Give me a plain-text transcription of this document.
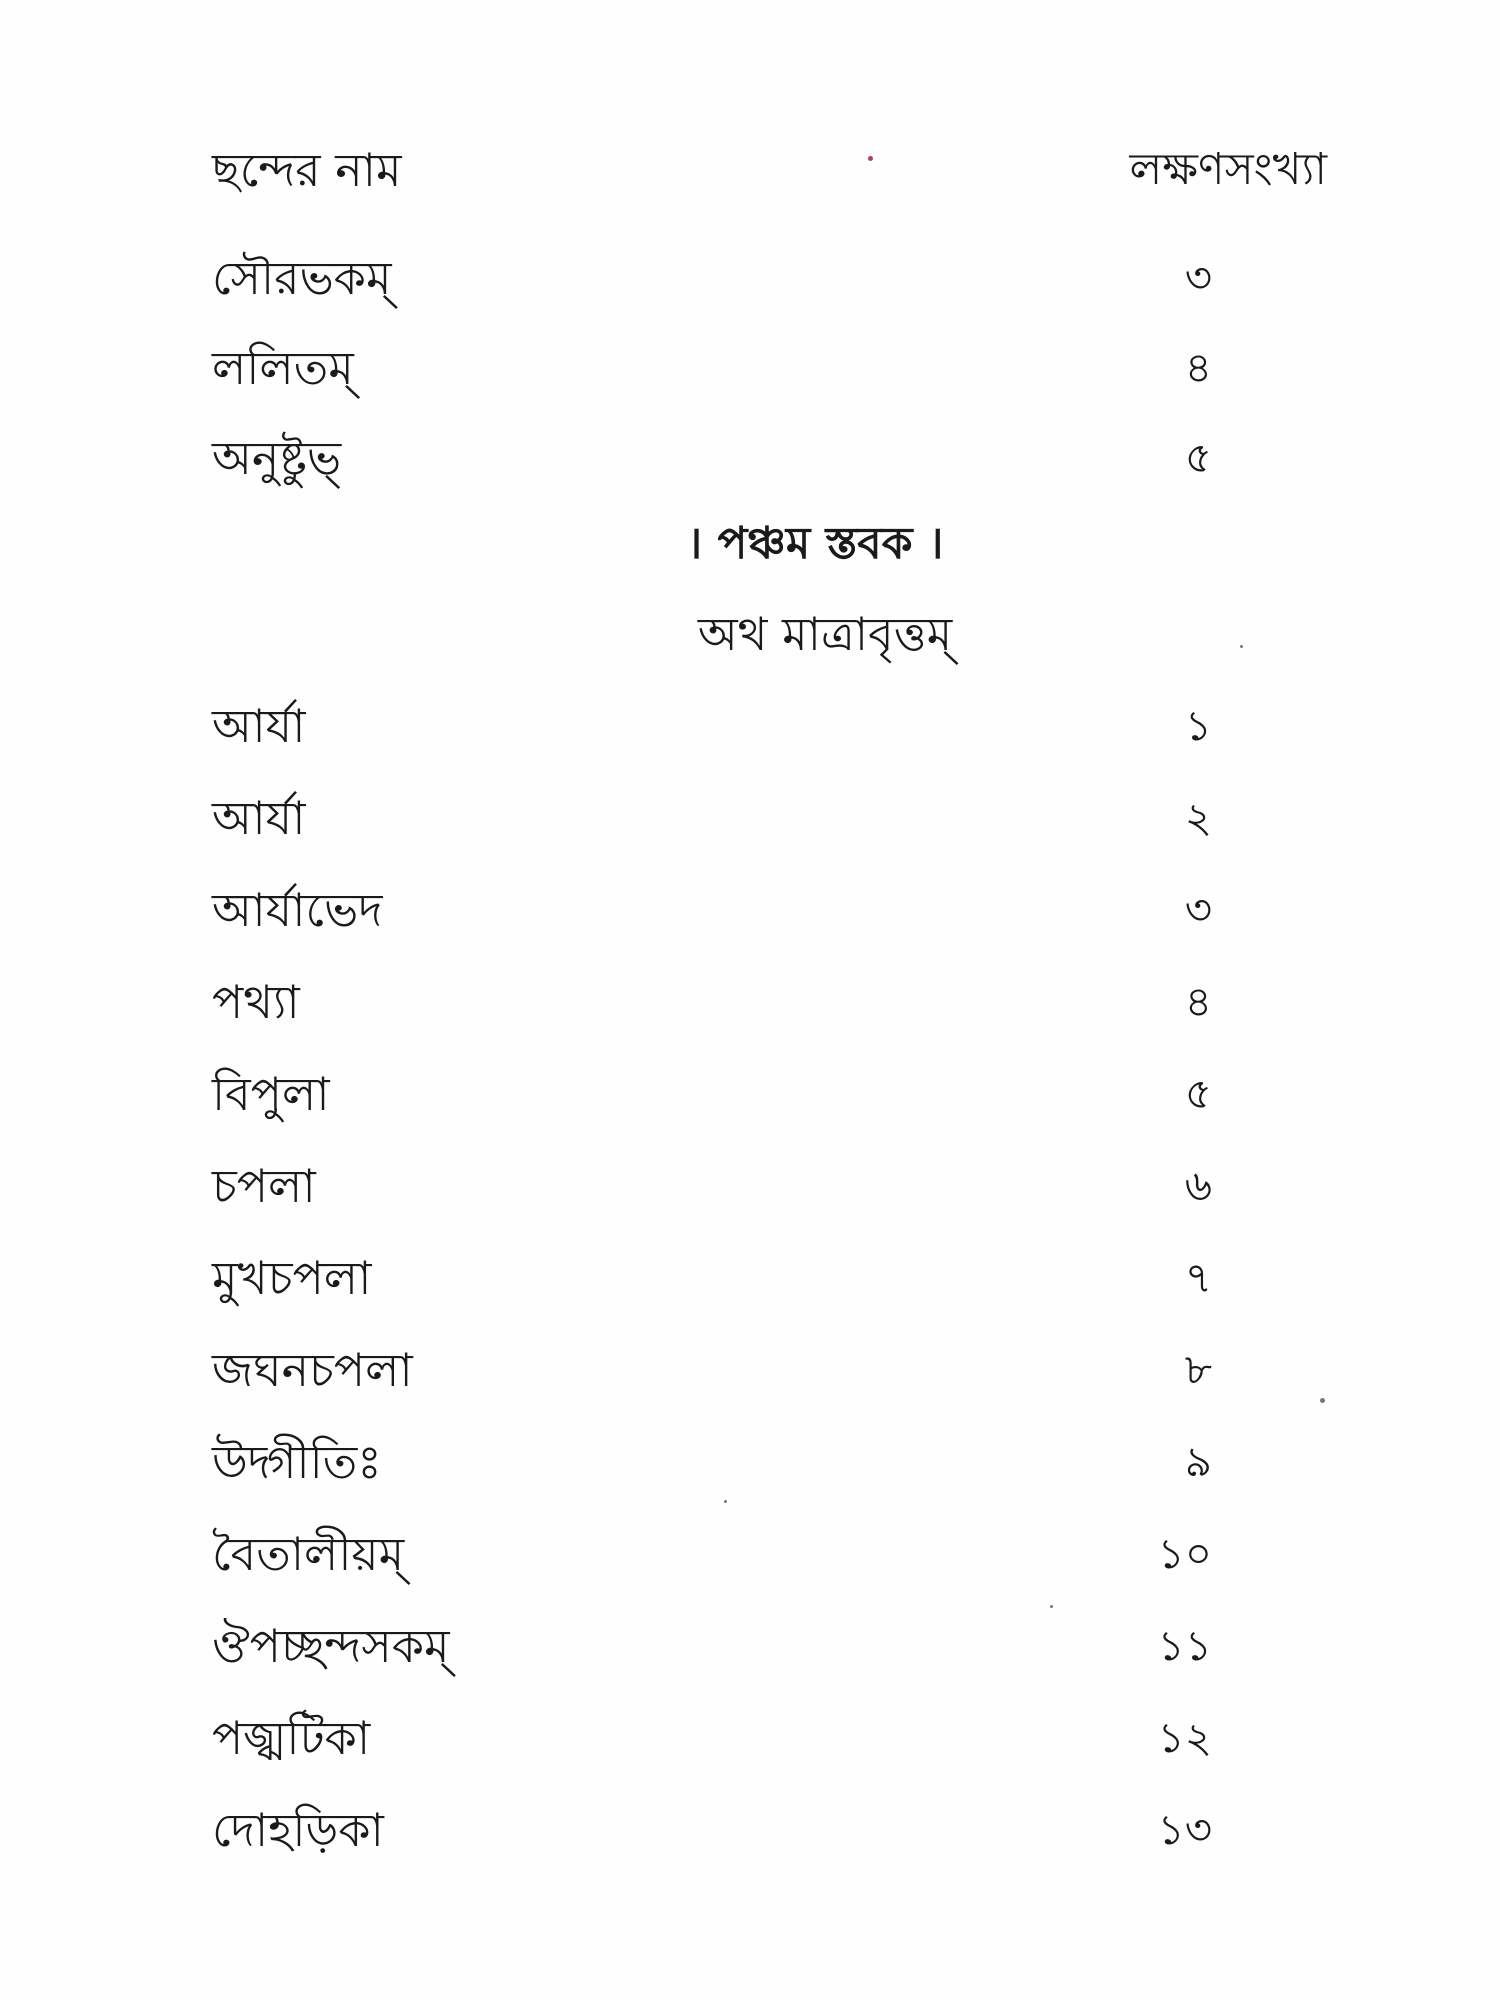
ছন্দের নাম	লক্ষণসংখ্যা
সৌরভকম্	৩
ললিতম্	৪
অনুষ্টুভ্	৫
। পঞ্চম স্তবক ।
অথ মাত্রাবৃত্তম্
আর্যা	১
আর্যা	২
আর্যাভেদ	৩
পথ্যা	৪
বিপুলা	৫
চপলা	৬
মুখচপলা	৭
জঘনচপলা	৮
উদ্গীতিঃ	৯
বৈতালীয়ম্	১০
ঔপচ্ছন্দসকম্	১১
পজ্ঝটিকা	১২
দোহড়িকা	১৩
